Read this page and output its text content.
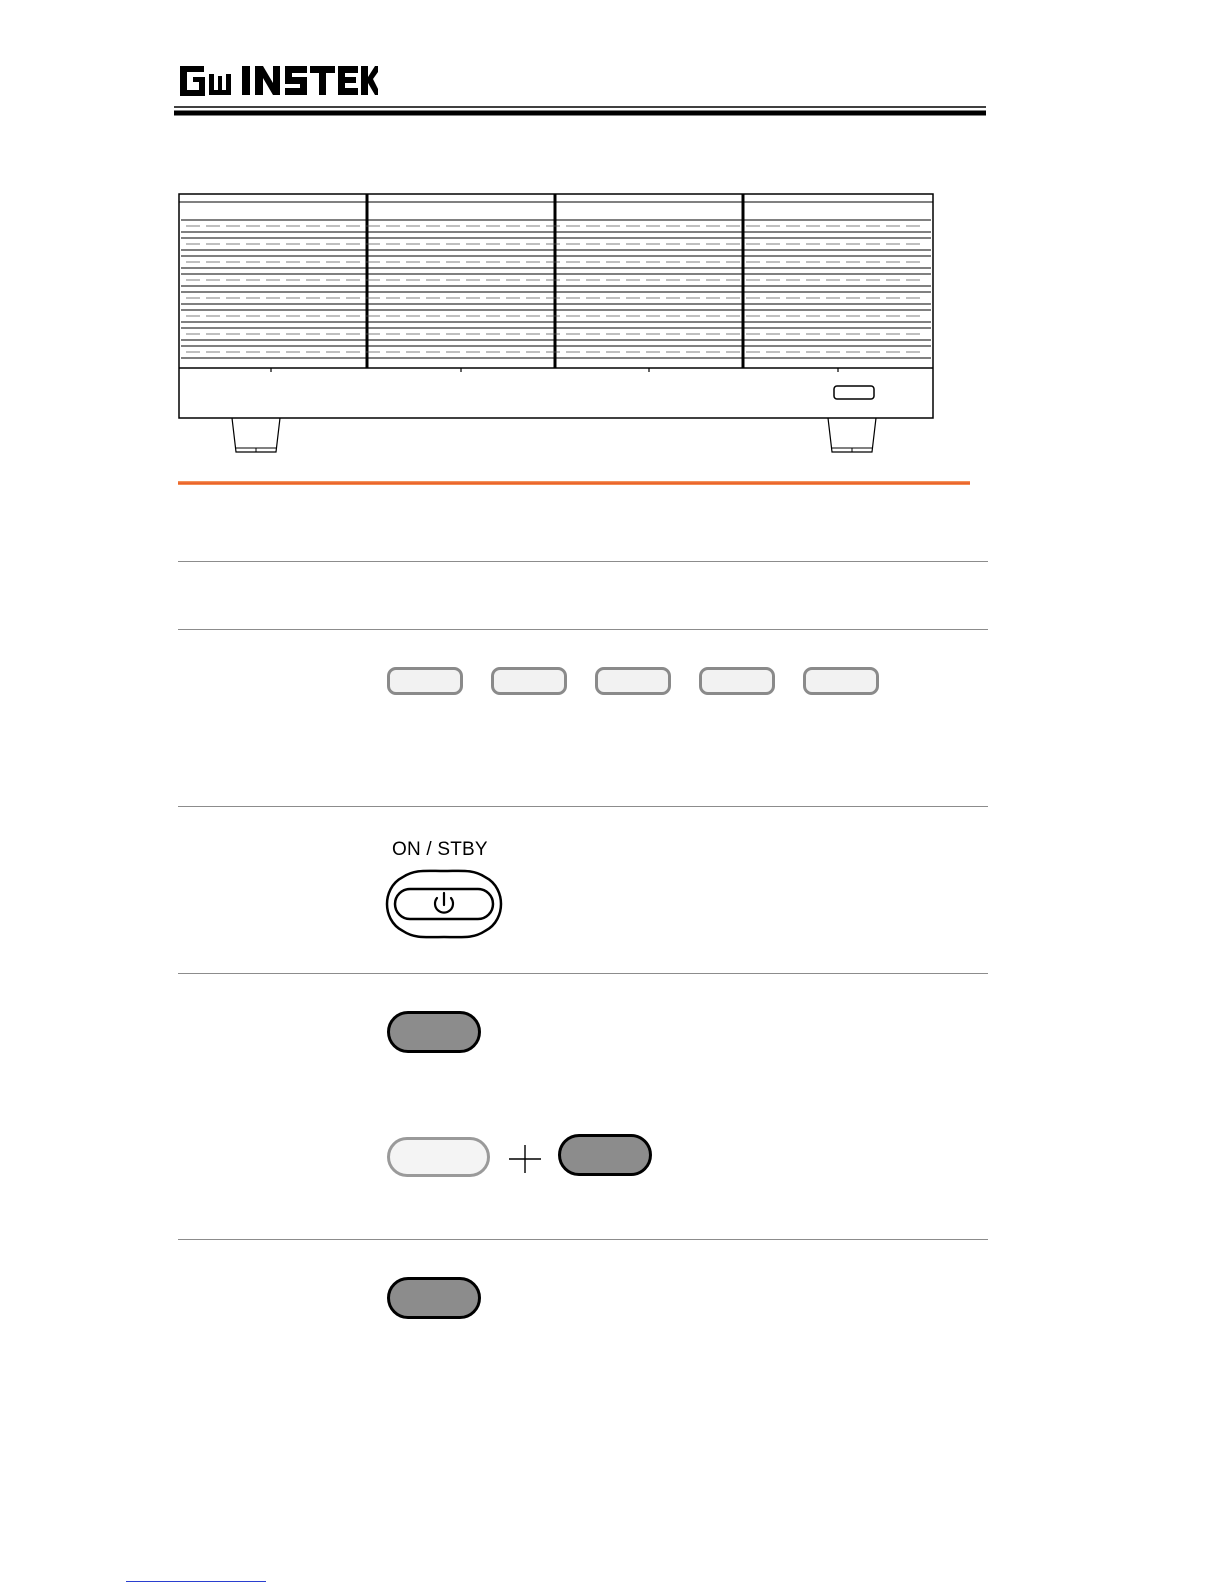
ON / STBY
